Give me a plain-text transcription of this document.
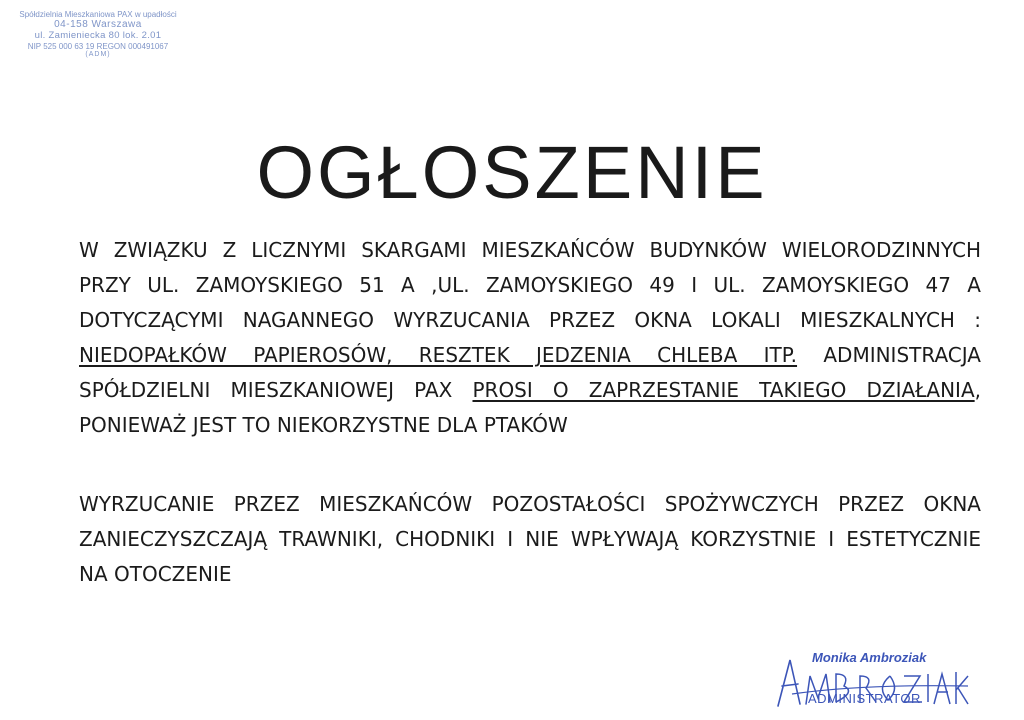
Spółdzielnia Mieszkaniowa PAX w upadłości
04-158 Warszawa
ul. Zamieniecka 80 lok. 2.01
NIP 525 000 63 19 REGON 000491067
(ADM)
OGŁOSZENIE
W ZWIĄZKU Z LICZNYMI SKARGAMI MIESZKAŃCÓW BUDYNKÓW WIELORODZINNYCH
PRZY UL. ZAMOYSKIEGO 51 A ,UL. ZAMOYSKIEGO 49 I UL. ZAMOYSKIEGO 47 A
DOTYCZĄCYMI NAGANNEGO WYRZUCANIA PRZEZ OKNA LOKALI MIESZKALNYCH :
NIEDOPAŁKÓW PAPIEROSÓW, RESZTEK JEDZENIA CHLEBA ITP. ADMINISTRACJA
SPÓŁDZIELNI MIESZKANIOWEJ PAX PROSI O ZAPRZESTANIE TAKIEGO DZIAŁANIA,
PONIEWAŻ JEST TO NIEKORZYSTNE DLA PTAKÓW
WYRZUCANIE PRZEZ MIESZKAŃCÓW POZOSTAŁOŚCI SPOŻYWCZYCH PRZEZ OKNA
ZANIECZYSZCZAJĄ TRAWNIKI, CHODNIKI I NIE WPŁYWAJĄ KORZYSTNIE I ESTETYCZNIE
NA OTOCZENIE
Monika Ambroziak
ADMINISTRATOR
